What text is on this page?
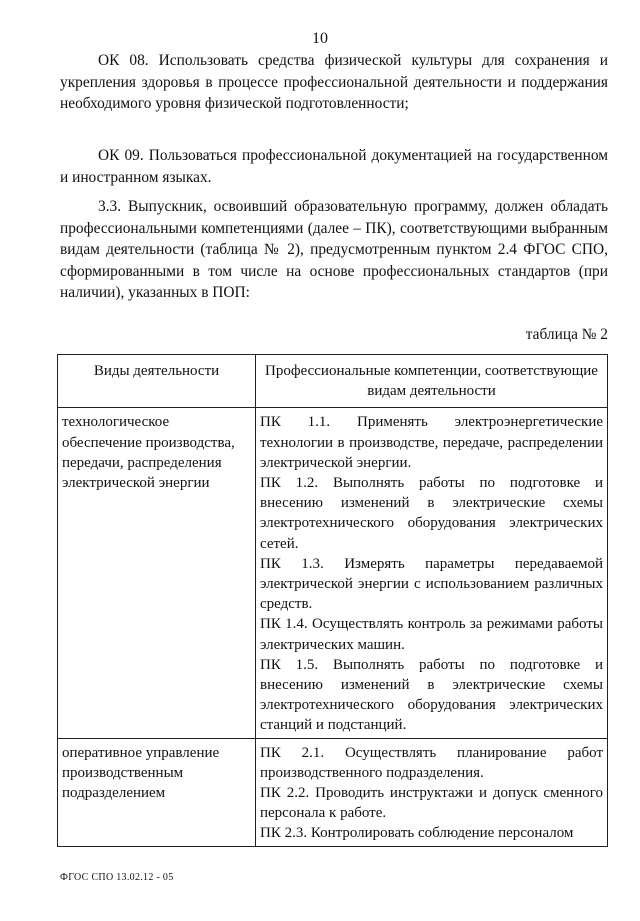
10

ОК 08. Использовать средства физической культуры для сохранения и укрепления здоровья в процессе профессиональной деятельности и поддержания необходимого уровня физической подготовленности;

ОК 09. Пользоваться профессиональной документацией на государственном и иностранном языках.

3.3. Выпускник, освоивший образовательную программу, должен обладать профессиональными компетенциями (далее – ПК), соответствующими выбранным видам деятельности (таблица № 2), предусмотренным пунктом 2.4 ФГОС СПО, сформированными в том числе на основе профессиональных стандартов (при наличии), указанных в ПОП:

таблица № 2
Виды деятельности	Профессиональные компетенции, соответствующие видам деятельности
технологическое обеспечение производства, передачи, распределения электрической энергии	ПК 1.1. Применять электроэнергетические технологии в производстве, передаче, распределении электрической энергии.
ПК 1.2. Выполнять работы по подготовке и внесению изменений в электрические схемы электротехнического оборудования электрических сетей.
ПК 1.3. Измерять параметры передаваемой электрической энергии с использованием различных средств.
ПК 1.4. Осуществлять контроль за режимами работы электрических машин.
ПК 1.5. Выполнять работы по подготовке и внесению изменений в электрические схемы электротехнического оборудования электрических станций и подстанций.

оперативное управление производственным подразделением	ПК 2.1. Осуществлять планирование работ производственного подразделения.
ПК 2.2. Проводить инструктажи и допуск сменного персонала к работе.
ПК 2.3. Контролировать соблюдение персоналом
ФГОС СПО 13.02.12 - 05
